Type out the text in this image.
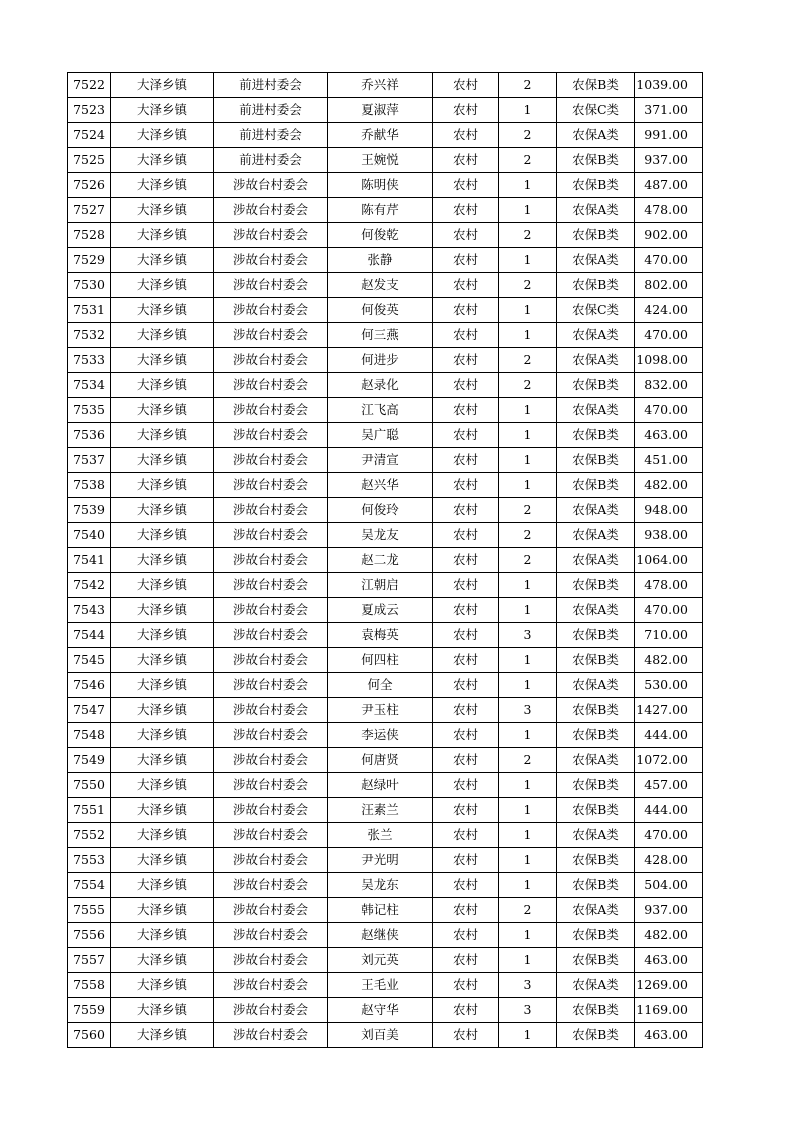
7522	大泽乡镇	前进村委会	乔兴祥	农村	2	农保B类	1039.00
7523	大泽乡镇	前进村委会	夏淑萍	农村	1	农保C类	371.00
7524	大泽乡镇	前进村委会	乔献华	农村	2	农保A类	991.00
7525	大泽乡镇	前进村委会	王婉悦	农村	2	农保B类	937.00
7526	大泽乡镇	涉故台村委会	陈明侠	农村	1	农保B类	487.00
7527	大泽乡镇	涉故台村委会	陈有芹	农村	1	农保A类	478.00
7528	大泽乡镇	涉故台村委会	何俊乾	农村	2	农保B类	902.00
7529	大泽乡镇	涉故台村委会	张静	农村	1	农保A类	470.00
7530	大泽乡镇	涉故台村委会	赵发支	农村	2	农保B类	802.00
7531	大泽乡镇	涉故台村委会	何俊英	农村	1	农保C类	424.00
7532	大泽乡镇	涉故台村委会	何三燕	农村	1	农保A类	470.00
7533	大泽乡镇	涉故台村委会	何进步	农村	2	农保A类	1098.00
7534	大泽乡镇	涉故台村委会	赵录化	农村	2	农保B类	832.00
7535	大泽乡镇	涉故台村委会	江飞高	农村	1	农保A类	470.00
7536	大泽乡镇	涉故台村委会	吴广聪	农村	1	农保B类	463.00
7537	大泽乡镇	涉故台村委会	尹清宣	农村	1	农保B类	451.00
7538	大泽乡镇	涉故台村委会	赵兴华	农村	1	农保B类	482.00
7539	大泽乡镇	涉故台村委会	何俊玲	农村	2	农保A类	948.00
7540	大泽乡镇	涉故台村委会	吴龙友	农村	2	农保A类	938.00
7541	大泽乡镇	涉故台村委会	赵二龙	农村	2	农保A类	1064.00
7542	大泽乡镇	涉故台村委会	江朝启	农村	1	农保B类	478.00
7543	大泽乡镇	涉故台村委会	夏成云	农村	1	农保A类	470.00
7544	大泽乡镇	涉故台村委会	袁梅英	农村	3	农保B类	710.00
7545	大泽乡镇	涉故台村委会	何四柱	农村	1	农保B类	482.00
7546	大泽乡镇	涉故台村委会	何全	农村	1	农保A类	530.00
7547	大泽乡镇	涉故台村委会	尹玉柱	农村	3	农保B类	1427.00
7548	大泽乡镇	涉故台村委会	李运侠	农村	1	农保B类	444.00
7549	大泽乡镇	涉故台村委会	何唐贤	农村	2	农保A类	1072.00
7550	大泽乡镇	涉故台村委会	赵绿叶	农村	1	农保B类	457.00
7551	大泽乡镇	涉故台村委会	汪素兰	农村	1	农保B类	444.00
7552	大泽乡镇	涉故台村委会	张兰	农村	1	农保A类	470.00
7553	大泽乡镇	涉故台村委会	尹光明	农村	1	农保B类	428.00
7554	大泽乡镇	涉故台村委会	吴龙东	农村	1	农保B类	504.00
7555	大泽乡镇	涉故台村委会	韩记柱	农村	2	农保A类	937.00
7556	大泽乡镇	涉故台村委会	赵继侠	农村	1	农保B类	482.00
7557	大泽乡镇	涉故台村委会	刘元英	农村	1	农保B类	463.00
7558	大泽乡镇	涉故台村委会	王毛业	农村	3	农保A类	1269.00
7559	大泽乡镇	涉故台村委会	赵守华	农村	3	农保B类	1169.00
7560	大泽乡镇	涉故台村委会	刘百美	农村	1	农保B类	463.00
